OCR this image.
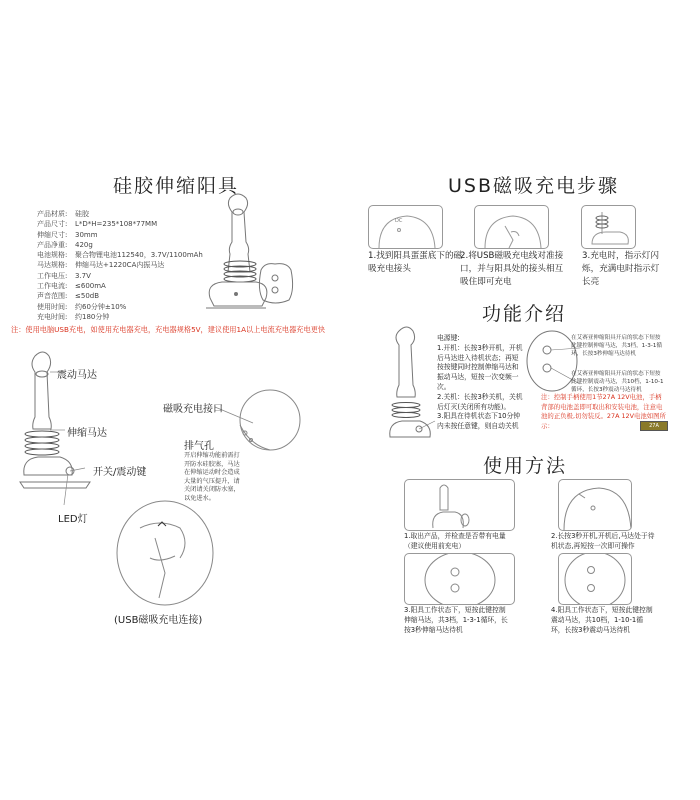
硅胶伸缩阳具
产品材质:	硅胶
产品尺寸:	L*D*H=235*108*77MM
伸缩尺寸:	30mm
产品净重:	420g
电池规格:	聚合物锂电池112540，3.7V/1100mAh
马达规格:	伸缩马达+1220CA内振马达
工作电压:	3.7V
工作电流:	≤600mA
声音范围:	≤50dB
使用时间:	约60分钟±10%
充电时间:	约180分钟
注：使用电脑USB充电，如使用充电器充电，充电器规格5V，建议使用1A以上电流充电器充电更快
震动马达
伸缩马达
开关/震动键
LED灯
磁吸充电接口
排气孔
开启伸缩功能前需打开防水硅胶塞，马达在伸缩运动时会造成大量的气压提升，请关闭请关闭防水塞，以免进水。
(USB磁吸充电连接)
USB磁吸充电步骤
DC
1.找到阳具蛋蛋底下的磁吸充电接头
2.将USB磁吸充电线对准接口，并与阳具处的接头相互吸住即可充电
3.充电时，指示灯闪烁，充满电时指示灯长亮
功能介绍
电源键:
1.开机：长按3秒开机，开机后马达进入待机状态；再短按按键同时控制伸缩马达和振动马达，短按一次变频一次。
2.关机：长按3秒关机，关机后灯灭(关闭所有功能)。
3.阳具在待机状态下10分钟内未按任意键，则自动关机
在艾赛亚伸缩阳具开启的状态下短按此键控制伸缩马达，共3档，1-3-1循环，长按3秒伸缩马达待机
在艾赛亚伸缩阳具开启的状态下短按此键控制震动马达，共10档，1-10-1循环，长按3秒震动马达待机
注：控制手柄使用1节27A 12V电池，手柄背部的电池盖即可取出和安装电池，注意电池的正负极,切勿装反。27A 12V电池如图所示：	27A
使用方法
1.取出产品，并检查是否带有电量（建议使用前充电）
2.长按3秒开机,开机后,马达处于待机状态,再短按一次即可操作
3.阳具工作状态下，短按此键控制伸缩马达，共3档，1-3-1循环，长按3秒伸缩马达待机
4.阳具工作状态下，短按此键控制震动马达，共10档，1-10-1循环，长按3秒震动马达待机
